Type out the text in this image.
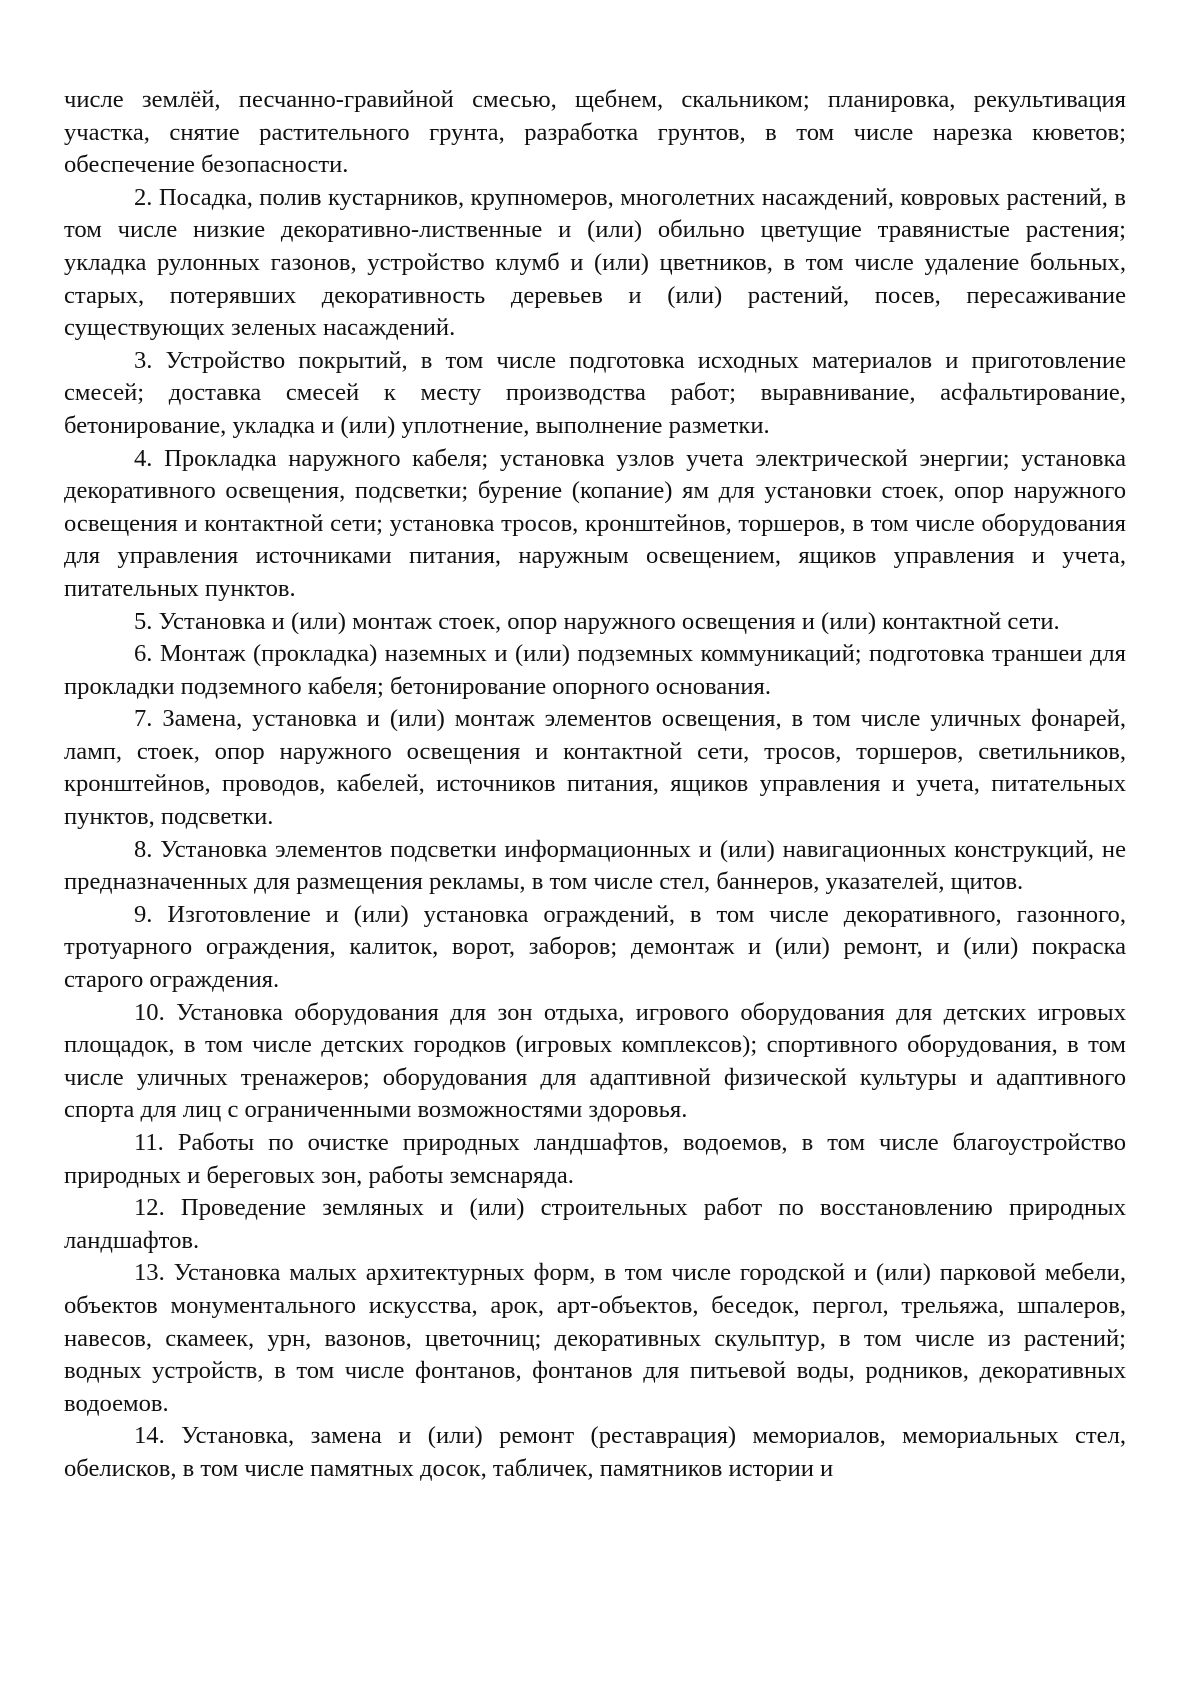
числе землёй, песчанно-гравийной смесью, щебнем, скальником; планировка, рекультивация участка, снятие растительного грунта, разработка грунтов, в том числе нарезка кюветов; обеспечение безопасности.

2. Посадка, полив кустарников, крупномеров, многолетних насаждений, ковровых растений, в том числе низкие декоративно-лиственные и (или) обильно цветущие травянистые растения; укладка рулонных газонов, устройство клумб и (или) цветников, в том числе удаление больных, старых, потерявших декоративность деревьев и (или) растений, посев, пересаживание существующих зеленых насаждений.

3. Устройство покрытий, в том числе подготовка исходных материалов и приготовление смесей; доставка смесей к месту производства работ; выравнивание, асфальтирование, бетонирование, укладка и (или) уплотнение, выполнение разметки.

4. Прокладка наружного кабеля; установка узлов учета электрической энергии; установка декоративного освещения, подсветки; бурение (копание) ям для установки стоек, опор наружного освещения и контактной сети; установка тросов, кронштейнов, торшеров, в том числе оборудования для управления источниками питания, наружным освещением, ящиков управления и учета, питательных пунктов.

5. Установка и (или) монтаж стоек, опор наружного освещения и (или) контактной сети.

6. Монтаж (прокладка) наземных и (или) подземных коммуникаций; подготовка траншеи для прокладки подземного кабеля; бетонирование опорного основания.

7. Замена, установка и (или) монтаж элементов освещения, в том числе уличных фонарей, ламп, стоек, опор наружного освещения и контактной сети, тросов, торшеров, светильников, кронштейнов, проводов, кабелей, источников питания, ящиков управления и учета, питательных пунктов, подсветки.

8. Установка элементов подсветки информационных и (или) навигационных конструкций, не предназначенных для размещения рекламы, в том числе стел, баннеров, указателей, щитов.

9. Изготовление и (или) установка ограждений, в том числе декоративного, газонного, тротуарного ограждения, калиток, ворот, заборов; демонтаж и (или) ремонт, и (или) покраска старого ограждения.

10. Установка оборудования для зон отдыха, игрового оборудования для детских игровых площадок, в том числе детских городков (игровых комплексов); спортивного оборудования, в том числе уличных тренажеров; оборудования для адаптивной физической культуры и адаптивного спорта для лиц с ограниченными возможностями здоровья.

11. Работы по очистке природных ландшафтов, водоемов, в том числе благоустройство природных и береговых зон, работы земснаряда.

12. Проведение земляных и (или) строительных работ по восстановлению природных ландшафтов.

13. Установка малых архитектурных форм, в том числе городской и (или) парковой мебели, объектов монументального искусства, арок, арт-объектов, беседок, пергол, трельяжа, шпалеров, навесов, скамеек, урн, вазонов, цветочниц; декоративных скульптур, в том числе из растений; водных устройств, в том числе фонтанов, фонтанов для питьевой воды, родников, декоративных водоемов.

14. Установка, замена и (или) ремонт (реставрация) мемориалов, мемориальных стел, обелисков, в том числе памятных досок, табличек, памятников истории и
